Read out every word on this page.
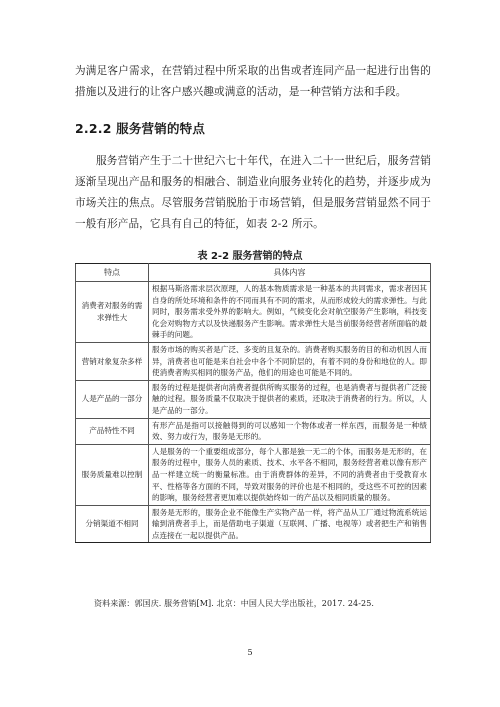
为满足客户需求，在营销过程中所采取的出售或者连同产品一起进行出售的措施以及进行的让客户感兴趣或满意的活动，是一种营销方法和手段。

2.2.2 服务营销的特点

服务营销产生于二十世纪六七十年代，在进入二十一世纪后，服务营销逐渐呈现出产品和服务的相融合、制造业向服务业转化的趋势，并逐步成为市场关注的焦点。尽管服务营销脱胎于市场营销，但是服务营销显然不同于一般有形产品，它具有自己的特征，如表 2-2 所示。

表 2-2 服务营销的特点
特点	具体内容
消费者对服务的需求弹性大	根据马斯洛需求层次原理，人的基本物质需求是一种基本的共同需求，需求者因其自身的所处环境和条件的不同而具有不同的需求，从而形成较大的需求弹性。与此同时，服务需求受外界的影响大。例如，气候变化会对航空服务产生影响，科技变化会对购物方式以及快递服务产生影响。需求弹性大是当前服务经营者所面临的最棘手的问题。
营销对象复杂多样	服务市场的购买者是广泛、多变的且复杂的。消费者购买服务的目的和动机因人而异，消费者也可能是来自社会中各个不同阶层的，有着不同的身份和地位的人。即使消费者购买相同的服务产品，他们的用途也可能是不同的。
人是产品的一部分	服务的过程是提供者向消费者提供所购买服务的过程，也是消费者与提供者广泛接触的过程。服务质量不仅取决于提供者的素质，还取决于消费者的行为。所以，人是产品的一部分。
产品特性不同	有形产品是指可以接触得到的可以感知一个物体或者一样东西，而服务是一种绩效、努力或行为，服务是无形的。
服务质量难以控制	人是服务的一个重要组成部分，每个人都是独一无二的个体，而服务是无形的，在服务的过程中，服务人员的素质、技术、水平各不相同，服务经营者难以像有形产品一样建立统一的衡量标准。由于消费群体的差异，不同的消费者由于受教育水平、性格等各方面的不同，导致对服务的评价也是不相同的，受这些不可控的因素的影响，服务经营者更加难以提供始终如一的产品以及相同质量的服务。
分销渠道不相同	服务是无形的，服务企业不能像生产实物产品一样，将产品从工厂通过物流系统运输到消费者手上，而是借助电子渠道（互联网、广播、电视等）或者把生产和销售点连接在一起以提供产品。
资料来源：郭国庆. 服务营销[M]. 北京：中国人民大学出版社，2017. 24-25.
5
